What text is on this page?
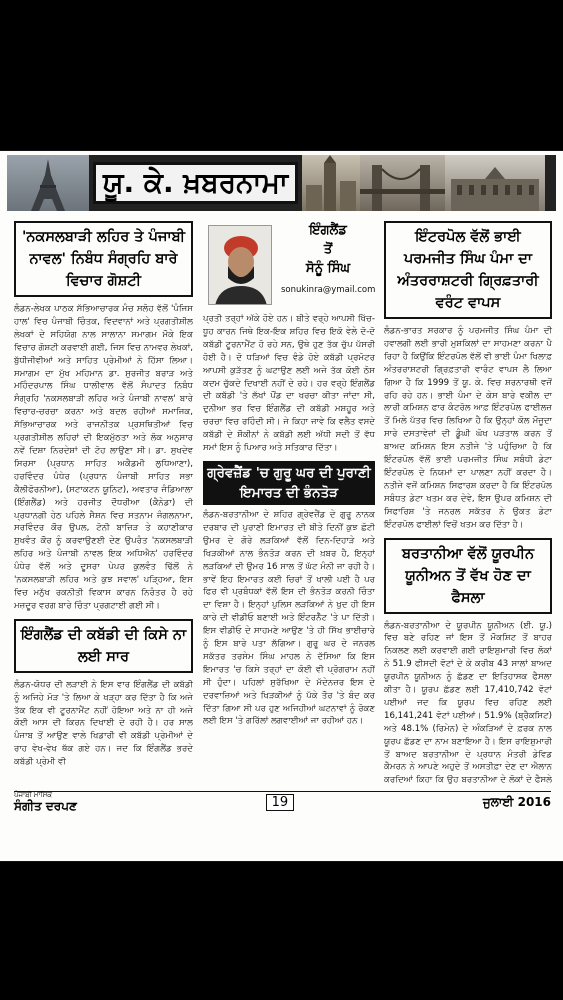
ਯੂ. ਕੇ. ਖ਼ਬਰਨਾਮਾ
'ਨਕਸਲਬਾੜੀ ਲਹਿਰ ਤੇ ਪੰਜਾਬੀ ਨਾਵਲ' ਨਿਬੰਧ ਸੰਗ੍ਰਹਿ ਬਾਰੇ ਵਿਚਾਰ ਗੋਸ਼ਟੀ

ਲੰਡਨ-ਲੇਖਕ ਪਾਠਕ ਸੱਭਿਆਚਾਰਕ ਮੰਚ ਸਲੋਹ ਵੱਲੋਂ 'ਪੰਜਿਸ ਹਾਲ' ਵਿਚ ਪੰਜਾਬੀ ਚਿੰਤਕ, ਵਿਦਵਾਨਾਂ ਅਤੇ ਪ੍ਰਗਤੀਸ਼ੀਲ ਲੇਖਕਾਂ ਦੇ ਸਹਿਯੋਗ ਨਾਲ ਸਾਲਾਨਾ ਸਮਾਗਮ ਮੌਕੇ ਇਕ ਵਿਚਾਰ ਗੋਸ਼ਟੀ ਕਰਵਾਈ ਗਈ, ਜਿਸ ਵਿਚ ਨਾਮਵਰ ਲੇਖਕਾਂ, ਬੁੱਧੀਜੀਵੀਆਂ ਅਤੇ ਸਾਹਿਤ ਪ੍ਰੇਮੀਆਂ ਨੇ ਹਿੱਸਾ ਲਿਆ। ਸਮਾਗਮ ਦਾ ਮੁੱਖ ਮਹਿਮਾਨ ਡਾ. ਸੁਰਜੀਤ ਬਰਾੜ ਅਤੇ ਮਹਿੰਦਰਪਾਲ ਸਿੰਘ ਧਾਲੀਵਾਲ ਵੱਲੋਂ ਸੰਪਾਦਤ ਨਿਬੰਧ ਸੰਗ੍ਰਹਿ 'ਨਕਸਲਬਾੜੀ ਲਹਿਰ ਅਤੇ ਪੰਜਾਬੀ ਨਾਵਲ' ਬਾਰੇ ਵਿਚਾਰ-ਚਰਚਾ ਕਰਨਾ ਅਤੇ ਬਦਲ ਰਹੀਆਂ ਸਮਾਜਿਕ, ਸੱਭਿਆਚਾਰਕ ਅਤੇ ਰਾਜਨੀਤਕ ਪ੍ਰਸਥਿਤੀਆਂ ਵਿਚ ਪ੍ਰਗਤੀਸ਼ੀਲ ਲਹਿਰਾਂ ਦੀ ਇਕਮੁੱਠਤਾ ਅਤੇ ਲੋਕ ਅਨੁਸਾਰ ਨਵੇਂ ਦਿਸ਼ਾ ਨਿਰਦੇਸ਼ਾਂ ਦੀ ਟੋਹ ਲਾਉਣਾ ਸੀ। ਡਾ. ਸੁਖਦੇਵ ਸਿਰਸਾ (ਪ੍ਰਧਾਨ ਸਾਹਿਤ ਅਕੈਡਮੀ ਲੁਧਿਆਣਾ), ਹਰਵਿੰਦਰ ਪੰਧੇਰ (ਪ੍ਰਧਾਨ ਪੰਜਾਬੀ ਸਾਹਿਤ ਸਭਾ ਕੈਲੀਫੋਰਨੀਆ), (ਸਟਾਕਟਨ ਯੂਨਿਟ), ਅਵਤਾਰ ਜੰਡਿਆਲਾ (ਇੰਗਲੈਂਡ) ਅਤੇ ਹਰਜੀਤ ਦੌਧਰੀਆ (ਕੈਨੇਡਾ) ਦੀ ਪ੍ਰਧਾਨਗੀ ਹੇਠ ਪਹਿਲੇ ਸੈਸ਼ਨ ਵਿਚ ਸਤਨਾਮ ਜੰਗਲਨਾਮਾ, ਸਰਵਿੰਦਰ ਕੌਰ ਉਪਲ, ਟੋਨੀ ਬਾਜ਼ਿੜ ਤੇ ਕਹਾਣੀਕਾਰ ਸੁਖਵੰਤ ਕੌਰ ਨੂੰ ਕਰਵਾਉਣਈ ਦੇਣ ਉਪਰੰਤ 'ਨਕਸਲਬਾੜੀ ਲਹਿਰ ਅਤੇ ਪੰਜਾਬੀ ਨਾਵਲ ਇਕ ਅਧਿਐਨ' ਹਰਵਿੰਦਰ ਪੰਧੇਰ ਵੱਲੋਂ ਅਤੇ ਦੂਸਰਾ ਪੇਪਰ ਕੁਲਵੰਤ ਢਿੱਲੋਂ ਨੇ 'ਨਕਸਲਬਾੜੀ ਲਹਿਰ ਅਤੇ ਕੁਝ ਸਵਾਲ' ਪੜ੍ਹਿਆ, ਇਸ ਵਿਚ ਮਨੁੱਖ ਰਕਨੀਤੀ ਵਿਕਾਸ ਕਾਰਨ ਨਿਰੰਤਰ ਹੈ ਰਹੇ ਮਜ਼ਦੂਰ ਵਰਗ ਬਾਰੇ ਚਿੰਤਾ ਪ੍ਰਗਟਾਈ ਗਈ ਸੀ।

ਇੰਗਲੈਂਡ ਦੀ ਕਬੱਡੀ ਦੀ ਕਿਸੇ ਨਾ ਲਈ ਸਾਰ

ਲੰਡਨ-ਯੋਧਰ ਦੀ ਲੜਾਈ ਨੇ ਇਸ ਵਾਰ ਇੰਗਲੈਂਡ ਦੀ ਕਬੱਡੀ ਨੂੰ ਅਜਿਹੇ ਮੋੜ 'ਤੇ ਲਿਆ ਕੇ ਖੜ੍ਹਾ ਕਰ ਦਿੱਤਾ ਹੈ ਕਿ ਅਜੇ ਤੱਕ ਇਕ ਵੀ ਟੂਰਨਾਮੈਂਟ ਨਹੀਂ ਹੋਇਆ ਅਤੇ ਨਾ ਹੀ ਅਜੇ ਕੋਈ ਆਸ ਦੀ ਕਿਰਨ ਦਿਖਾਈ ਦੇ ਰਹੀ ਹੈ। ਹਰ ਸਾਲ ਪੰਜਾਬ ਤੋਂ ਆਉਣ ਵਾਲੇ ਖਿਡਾਰੀ ਵੀ ਕਬੱਡੀ ਪ੍ਰੇਮੀਆਂ ਦੇ ਰਾਹ ਵੇਖ-ਵੇਖ ਥੱਕ ਗਏ ਹਨ। ਜਦ ਕਿ ਇੰਗਲੈਂਡ ਭਰਦੇ ਕਬੱਡੀ ਪ੍ਰੇਮੀ ਵੀ

ਇੰਗਲੈਂਡ
ਤੋਂ
ਸੋਨੂੰ ਸਿੰਘ
sonukinra@ymail.com

ਪ੍ਰਤੀ ਤਰ੍ਹਾਂ ਅੱਕੇ ਹੋਏ ਹਨ। ਬੀਤੇ ਵਰ੍ਹੇ ਆਪਸੀ ਖਿੱਚ-ਧੂਹ ਕਾਰਨ ਜਿਥੇ ਇਕ-ਇਕ ਸ਼ਹਿਰ ਵਿਚ ਇਕੋ ਵੇਲੇ ਦੋ-ਦੋ ਕਬੱਡੀ ਟੂਰਨਾਮੈਂਟ ਹੋ ਰਹੇ ਸਨ, ਉਥੇ ਹੁਣ ਤੱਕ ਚੁੱਪ ਪੱਸਰੀ ਹੋਈ ਹੈ। ਦੋ ਧੜਿਆਂ ਵਿਚ ਵੰਡੇ ਹੋਏ ਕਬੱਡੀ ਪ੍ਰਮੋਟਰ ਆਪਸੀ ਕੁੜੱਤਣ ਨੂੰ ਘਟਾਉਣ ਲਈ ਅਜੇ ਤੱਕ ਕੋਈ ਠੋਸ ਕਦਮ ਚੁੱਕਦੇ ਦਿਖਾਈ ਨਹੀਂ ਦੇ ਰਹੇ। ਹਰ ਵਰ੍ਹੇ ਇੰਗਲੈਂਡ ਦੀ ਕਬੱਡੀ 'ਤੇ ਲੱਖਾਂ ਪੌਂਡ ਦਾ ਖਰਚਾ ਕੀਤਾ ਜਾਂਦਾ ਸੀ, ਦੁਨੀਆ ਭਰ ਵਿਚ ਇੰਗਲੈਂਡ ਦੀ ਕਬੱਡੀ ਮਸ਼ਹੂਰ ਅਤੇ ਚਰਚਾ ਵਿਚ ਰਹਿੰਦੀ ਸੀ। ਜੇ ਕਿਹਾ ਜਾਵੇ ਕਿ ਵਲੈਤ ਵਸਦੇ ਕਬੱਡੀ ਦੇ ਸ਼ੌਕੀਨਾਂ ਨੇ ਕਬੱਡੀ ਲਈ ਅੱਧੀ ਸਦੀ ਤੋਂ ਵੱਧ ਸਮਾਂ ਇਸ ਨੂੰ ਪਿਆਰ ਅਤੇ ਸਤਿਕਾਰ ਦਿੱਤਾ।

ਗ੍ਰੇਵਜ਼ੈਂਡ 'ਚ ਗੁਰੂ ਘਰ ਦੀ ਪੁਰਾਣੀ ਇਮਾਰਤ ਦੀ ਭੰਨਤੋੜ

ਲੰਡਨ-ਬਰਤਾਨੀਆ ਦੇ ਸ਼ਹਿਰ ਗ੍ਰੇਵਜ਼ੈਂਡ ਦੇ ਗੁਰੂ ਨਾਨਕ ਦਰਬਾਰ ਦੀ ਪੁਰਾਣੀ ਇਮਾਰਤ ਦੀ ਬੀਤੇ ਦਿਨੀਂ ਕੁਝ ਛੋਟੀ ਉਮਰ ਦੇ ਗੋਰੇ ਲੜਕਿਆਂ ਵੱਲੋਂ ਦਿਨ-ਦਿਹਾੜੇ ਅਤੇ ਖਿੜਕੀਆਂ ਨਾਲ ਭੰਨਤੋੜ ਕਰਨ ਦੀ ਖ਼ਬਰ ਹੈ, ਇਨ੍ਹਾਂ ਲੜਕਿਆਂ ਦੀ ਉਮਰ 16 ਸਾਲ ਤੋਂ ਘੱਟ ਮੰਨੀ ਜਾ ਰਹੀ ਹੈ। ਭਾਵੇਂ ਇਹ ਇਮਾਰਤ ਕਈ ਚਿਰਾਂ ਤੋਂ ਖਾਲੀ ਪਈ ਹੈ ਪਰ ਫਿਰ ਵੀ ਪ੍ਰਬੰਧਕਾਂ ਵੱਲੋਂ ਇਸ ਦੀ ਭੰਨਤੋੜ ਕਰਨੀ ਚਿੰਤਾ ਦਾ ਵਿਸ਼ਾ ਹੈ। ਇਨ੍ਹਾਂ ਪੁਲਿਸ ਲੜਕਿਆਂ ਨੇ ਖੁਦ ਹੀ ਇਸ ਕਾਰੇ ਦੀ ਵੀਡੀਓ ਬਣਾਈ ਅਤੇ ਇੰਟਰਨੈੱਟ 'ਤੇ ਪਾ ਦਿੱਤੀ। ਇਸ ਵੀਡੀਓ ਦੇ ਸਾਹਮਣੇ ਆਉਣ 'ਤੇ ਹੀ ਸਿੱਖ ਭਾਈਚਾਰੇ ਨੂੰ ਇਸ ਬਾਰੇ ਪਤਾ ਲੱਗਿਆ। ਗੁਰੂ ਘਰ ਦੇ ਜਨਰਲ ਸਕੱਤਰ ਤਰਸੇਮ ਸਿੰਘ ਮਾਹਲ ਨੇ ਦੱਸਿਆ ਕਿ ਇਸ ਇਮਾਰਤ 'ਚ ਕਿਸੇ ਤਰ੍ਹਾਂ ਦਾ ਕੋਈ ਵੀ ਪ੍ਰੋਗਰਾਮ ਨਹੀਂ ਸੀ ਹੁੰਦਾ। ਪਹਿਲਾਂ ਸੁਰੱਖਿਆ ਦੇ ਮੱਦੇਨਜ਼ਰ ਇਸ ਦੇ ਦਰਵਾਜ਼ਿਆਂ ਅਤੇ ਖਿੜਕੀਆਂ ਨੂੰ ਪੱਕੇ ਤੌਰ 'ਤੇ ਬੰਦ ਕਰ ਦਿੱਤਾ ਗਿਆ ਸੀ ਪਰ ਹੁਣ ਅਜਿਹੀਆਂ ਘਟਨਾਵਾਂ ਨੂੰ ਰੋਕਣ ਲਈ ਇਸ 'ਤੇ ਗਰਿੱਲਾਂ ਲਗਵਾਈਆਂ ਜਾ ਰਹੀਆਂ ਹਨ।

ਇੰਟਰਪੋਲ ਵੱਲੋਂ ਭਾਈ ਪਰਮਜੀਤ ਸਿੰਘ ਪੰਮਾ ਦਾ ਅੰਤਰਰਾਸ਼ਟਰੀ ਗ੍ਰਿਫ਼ਤਾਰੀ ਵਰੰਟ ਵਾਪਸ

ਲੰਡਨ-ਭਾਰਤ ਸਰਕਾਰ ਨੂੰ ਪਰਮਜੀਤ ਸਿੰਘ ਪੰਮਾ ਦੀ ਹਵਾਲਗੀ ਲਈ ਭਾਰੀ ਮੁਸ਼ਕਿਲਾਂ ਦਾ ਸਾਹਮਣਾ ਕਰਨਾ ਪੈ ਰਿਹਾ ਹੈ ਕਿਉਂਕਿ ਇੰਟਰਪੋਲ ਵੱਲੋਂ ਵੀ ਭਾਈ ਪੰਮਾ ਖਿਲਾਫ਼ ਅੰਤਰਰਾਸ਼ਟਰੀ ਗ੍ਰਿਫ਼ਤਾਰੀ ਵਾਰੰਟ ਵਾਪਸ ਲੈ ਲਿਆ ਗਿਆ ਹੈ ਕਿ 1999 ਤੋਂ ਯੂ. ਕੇ. ਵਿਚ ਸ਼ਰਨਾਰਥੀ ਵਜੋਂ ਰਹਿ ਰਹੇ ਹਨ। ਭਾਈ ਪੰਮਾ ਦੇ ਕੇਸ ਬਾਰੇ ਵਕੀਲ ਦਾ ਲਾਰੀ ਕਮਿਸ਼ਨ ਫਾਰ ਕੰਟਰੋਲ ਆਫ਼ ਇੰਟਰਪੋਲ ਫਾਈਲਜ਼ ਤੋਂ ਮਿਲੇ ਪੱਤਰ ਵਿਚ ਲਿਖਿਆ ਹੈ ਕਿ ਉਨ੍ਹਾਂ ਕੋਲ ਮੌਜੂਦਾ ਸਾਰੇ ਦਸਤਾਵੇਜ਼ਾਂ ਦੀ ਡੂੰਘੀ ਘੋਖ ਪੜਤਾਲ ਕਰਨ ਤੋਂ ਬਾਅਦ ਕਮਿਸ਼ਨ ਇਸ ਨਤੀਜੇ 'ਤੇ ਪਹੁੰਚਿਆ ਹੈ ਕਿ ਇੰਟਰਪੋਲ ਵੱਲੋਂ ਭਾਈ ਪਰਮਜੀਤ ਸਿੰਘ ਸਬੰਧੀ ਡੇਟਾ ਇੰਟਰਪੋਲ ਦੇ ਨਿਯਮਾਂ ਦਾ ਪਾਲਣਾ ਨਹੀਂ ਕਰਦਾ ਹੈ। ਨਤੀਜੇ ਵਜੋਂ ਕਮਿਸ਼ਨ ਸਿਫਾਰਸ਼ ਕਰਦਾ ਹੈ ਕਿ ਇੰਟਰਪੋਲ ਸਬੰਧਤ ਡੇਟਾ ਖਤਮ ਕਰ ਦੇਵੇ, ਇਸ ਉਪਰ ਕਮਿਸ਼ਨ ਦੀ ਸਿਫਾਰਿਸ਼ 'ਤੇ ਜਨਰਲ ਸਕੱਤਰ ਨੇ ਉਕਤ ਡੇਟਾ ਇੰਟਰਪੋਲ ਫਾਈਲਾਂ ਵਿਚੋਂ ਖਤਮ ਕਰ ਦਿੱਤਾ ਹੈ।

ਬਰਤਾਨੀਆ ਵੱਲੋਂ ਯੂਰਪੀਨ ਯੂਨੀਅਨ ਤੋਂ ਵੱਖ ਹੋਣ ਦਾ ਫੈਸਲਾ

ਲੰਡਨ-ਬਰਤਾਨੀਆ ਦੇ ਯੂਰਪੀਨ ਯੂਨੀਅਨ (ਈ. ਯੂ.) ਵਿਚ ਬਣੇ ਰਹਿਣ ਜਾਂ ਇਸ ਤੋਂ ਮੌਕਸ਼ਿਟ ਤੋਂ ਬਾਹਰ ਨਿਕਲਣ ਲਈ ਕਰਵਾਈ ਗਈ ਰਾਇਸ਼ੁਮਾਰੀ ਵਿਚ ਲੋਕਾਂ ਨੇ 51.9 ਫੀਸਦੀ ਵੋਟਾਂ ਦੇ ਕੇ ਕਰੀਬ 43 ਸਾਲਾਂ ਬਾਅਦ ਯੂਰਪੀਨ ਯੂਨੀਅਨ ਨੂੰ ਛੱਡਣ ਦਾ ਇਤਿਹਾਸਕ ਫੈਸਲਾ ਕੀਤਾ ਹੈ। ਯੂਰਪ ਛੱਡਣ ਲਈ 17,410,742 ਵੋਟਾਂ ਪਈਆਂ ਜਦ ਕਿ ਯੂਰਪ ਵਿਚ ਰਹਿਣ ਲਈ 16,141,241 ਵੋਟਾਂ ਪਈਆਂ। 51.9% (ਬ੍ਰੈਕਸਿਟ) ਅਤੇ 48.1% (ਰਿਮੇਨ) ਦੇ ਅੰਕੜਿਆਂ ਦੇ ਫ਼ਰਕ ਨਾਲ ਯੂਰਪ ਛੱਡਣ ਦਾ ਨਾਮ ਬਣਾਇਆ ਹੈ। ਇਸ ਰਾਇਸ਼ੁਮਾਰੀ ਤੋਂ ਬਾਅਦ ਬਰਤਾਨੀਆ ਦੇ ਪ੍ਰਧਾਨ ਮੰਤਰੀ ਡੇਵਿਡ ਕੈਮਰਨ ਨੇ ਆਪਣੇ ਅਹੁਦੇ ਤੋਂ ਅਸਤੀਫ਼ਾ ਦੇਣ ਦਾ ਐਲਾਨ ਕਰਦਿਆਂ ਕਿਹਾ ਕਿ ਉਹ ਬਰਤਾਨੀਆ ਦੇ ਲੋਕਾਂ ਦੇ ਫੈਸਲੇ

ਪੰਜਾਬੀ ਮਾਸਿਕ
ਸੰਗੀਤ ਦਰਪਣ	19	ਜੁਲਾਈ 2016
